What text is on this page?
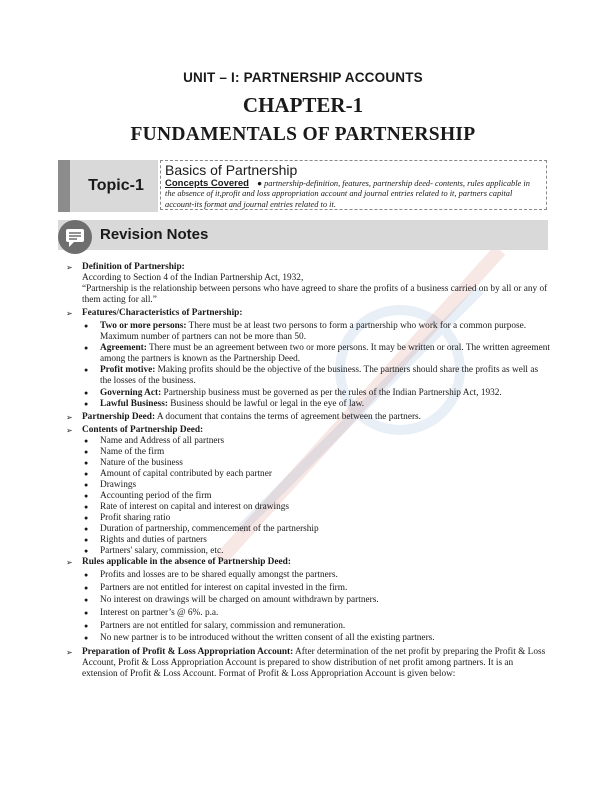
UNIT – I: PARTNERSHIP ACCOUNTS
CHAPTER-1
FUNDAMENTALS OF PARTNERSHIP
Topic-1
Basics of Partnership
Concepts Covered ● partnership-definition, features, partnership deed- contents, rules applicable in the absence of it,profit and loss appropriation account and journal entries related to it, partners capital account-its format and journal entries related to it.
Revision Notes
➢ Definition of Partnership:
According to Section 4 of the Indian Partnership Act, 1932,
“Partnership is the relationship between persons who have agreed to share the profits of a business carried on by all or any of them acting for all.”
➢ Features/Characteristics of Partnership:
● Two or more persons: There must be at least two persons to form a partnership who work for a common purpose. Maximum number of partners can not be more than 50.
● Agreement: There must be an agreement between two or more persons. It may be written or oral. The written agreement among the partners is known as the Partnership Deed.
● Profit motive: Making profits should be the objective of the business. The partners should share the profits as well as the losses of the business.
● Governing Act: Partnership business must be governed as per the rules of the Indian Partnership Act, 1932.
● Lawful Business: Business should be lawful or legal in the eye of law.
➢ Partnership Deed: A document that contains the terms of agreement between the partners.
➢ Contents of Partnership Deed:
● Name and Address of all partners
● Name of the firm
● Nature of the business
● Amount of capital contributed by each partner
● Drawings
● Accounting period of the firm
● Rate of interest on capital and interest on drawings
● Profit sharing ratio
● Duration of partnership, commencement of the partnership
● Rights and duties of partners
● Partners' salary, commission, etc.
➢ Rules applicable in the absence of Partnership Deed:
● Profits and losses are to be shared equally amongst the partners.
● Partners are not entitled for interest on capital invested in the firm.
● No interest on drawings will be charged on amount withdrawn by partners.
● Interest on partner’s @ 6%. p.a.
● Partners are not entitled for salary, commission and remuneration.
● No new partner is to be introduced without the written consent of all the existing partners.
➢ Preparation of Profit & Loss Appropriation Account: After determination of the net profit by preparing the Profit & Loss Account, Profit & Loss Appropriation Account is prepared to show distribution of net profit among partners. It is an extension of Profit & Loss Account. Format of Profit & Loss Appropriation Account is given below:
